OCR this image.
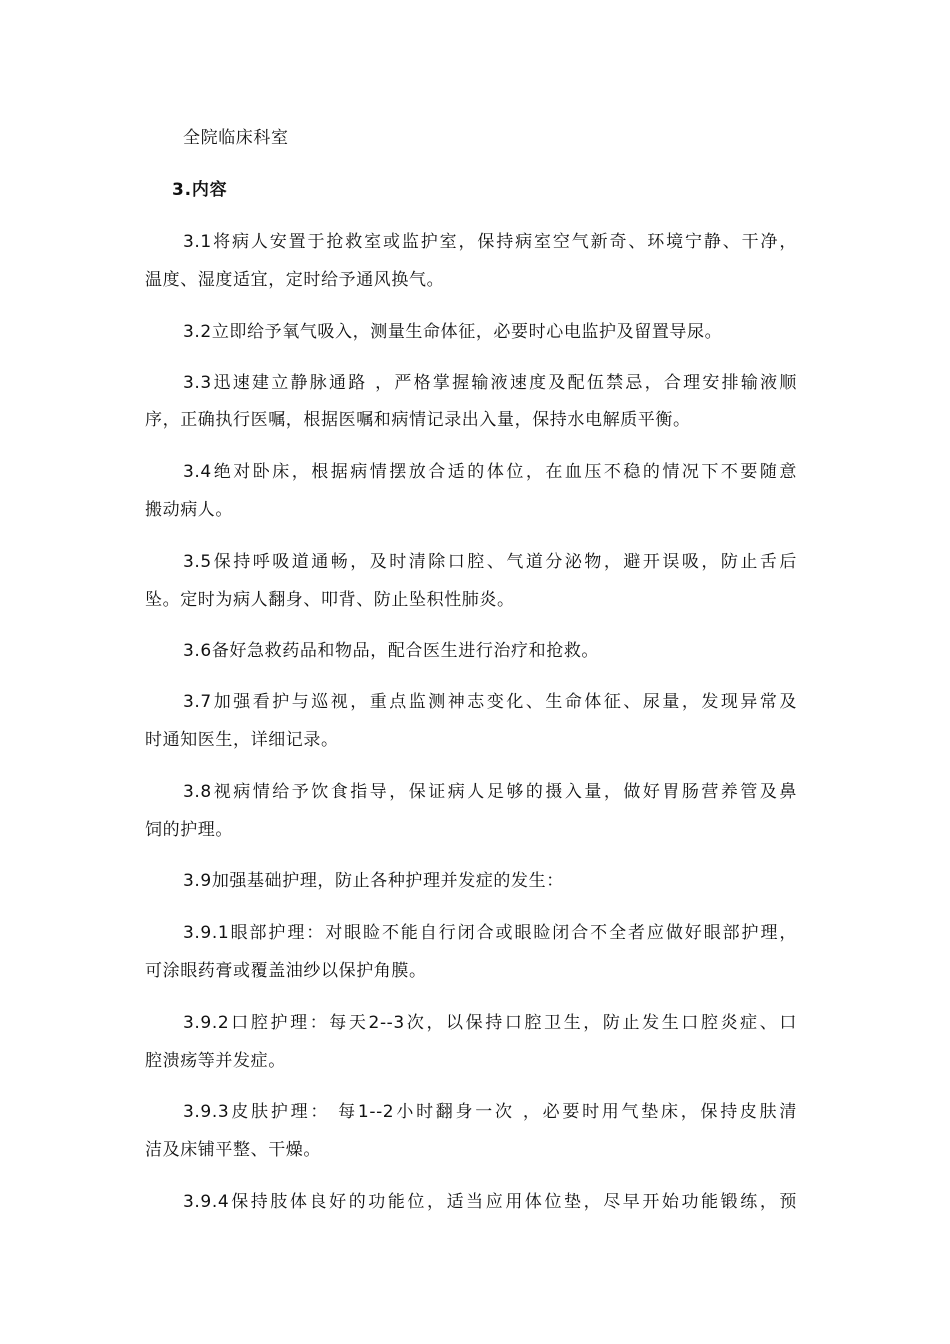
全院临床科室
3.内容
3.1将病人安置于抢救室或监护室，保持病室空气新奇、环境宁静、干净，
温度、湿度适宜，定时给予通风换气。
3.2立即给予氧气吸入，测量生命体征，必要时心电监护及留置导尿。
3.3迅速建立静脉通路 ，严格掌握输液速度及配伍禁忌，合理安排输液顺
序，正确执行医嘱，根据医嘱和病情记录出入量，保持水电解质平衡。
3.4绝对卧床，根据病情摆放合适的体位，在血压不稳的情况下不要随意
搬动病人。
3.5保持呼吸道通畅，及时清除口腔、气道分泌物，避开误吸，防止舌后
坠。定时为病人翻身、叩背、防止坠积性肺炎。
3.6备好急救药品和物品，配合医生进行治疗和抢救。
3.7加强看护与巡视，重点监测神志变化、生命体征、尿量，发现异常及
时通知医生，详细记录。
3.8视病情给予饮食指导，保证病人足够的摄入量，做好胃肠营养管及鼻
饲的护理。
3.9加强基础护理，防止各种护理并发症的发生：
3.9.1眼部护理：对眼睑不能自行闭合或眼睑闭合不全者应做好眼部护理，
可涂眼药膏或覆盖油纱以保护角膜。
3.9.2口腔护理：每天2--3次，以保持口腔卫生，防止发生口腔炎症、口
腔溃疡等并发症。
3.9.3皮肤护理： 每1--2小时翻身一次 ，必要时用气垫床，保持皮肤清
洁及床铺平整、干燥。
3.9.4保持肢体良好的功能位，适当应用体位垫，尽早开始功能锻练，预
